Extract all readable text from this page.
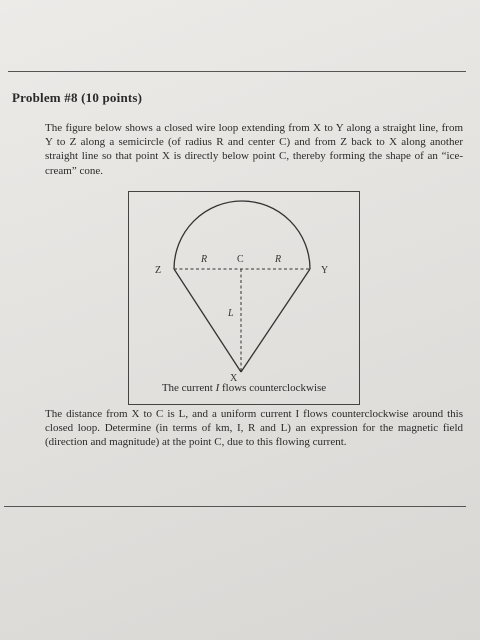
Problem #8 (10 points)
The figure below shows a closed wire loop extending from X to Y along a straight line, from Y to Z along a semicircle (of radius R and center C) and from Z back to X along another straight line so that point X is directly below point C, thereby forming the shape of an “ice-cream” cone.
Z	Y
C
X
R	R
L
The current I flows counterclockwise
The distance from X to C is L, and a uniform current I flows counterclockwise around this closed loop. Determine (in terms of km, I, R and L) an expression for the magnetic field (direction and magnitude) at the point C, due to this flowing current.
